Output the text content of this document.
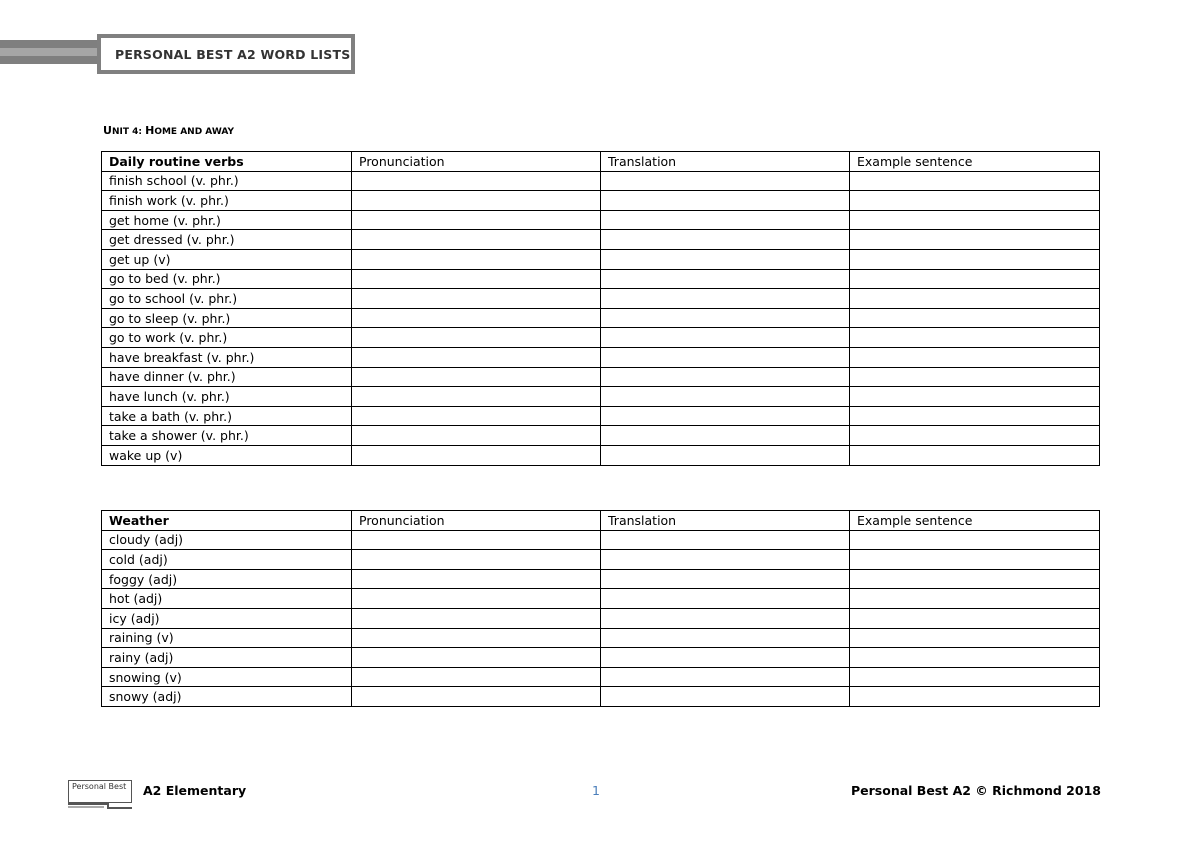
PERSONAL BEST A2 WORD LISTS
UNIT 4: HOME AND AWAY
Daily routine verbs	Pronunciation	Translation	Example sentence
finish school (v. phr.)			
finish work (v. phr.)			
get home (v. phr.)			
get dressed (v. phr.)			
get up (v)			
go to bed (v. phr.)			
go to school (v. phr.)			
go to sleep (v. phr.)			
go to work (v. phr.)			
have breakfast (v. phr.)			
have dinner (v. phr.)			
have lunch (v. phr.)			
take a bath (v. phr.)			
take a shower (v. phr.)			
wake up (v)			
Weather	Pronunciation	Translation	Example sentence
cloudy (adj)			
cold (adj)			
foggy (adj)			
hot (adj)			
icy (adj)			
raining (v)			
rainy (adj)			
snowing (v)			
snowy (adj)			
Personal Best A2 Elementary	1	Personal Best A2 © Richmond 2018
